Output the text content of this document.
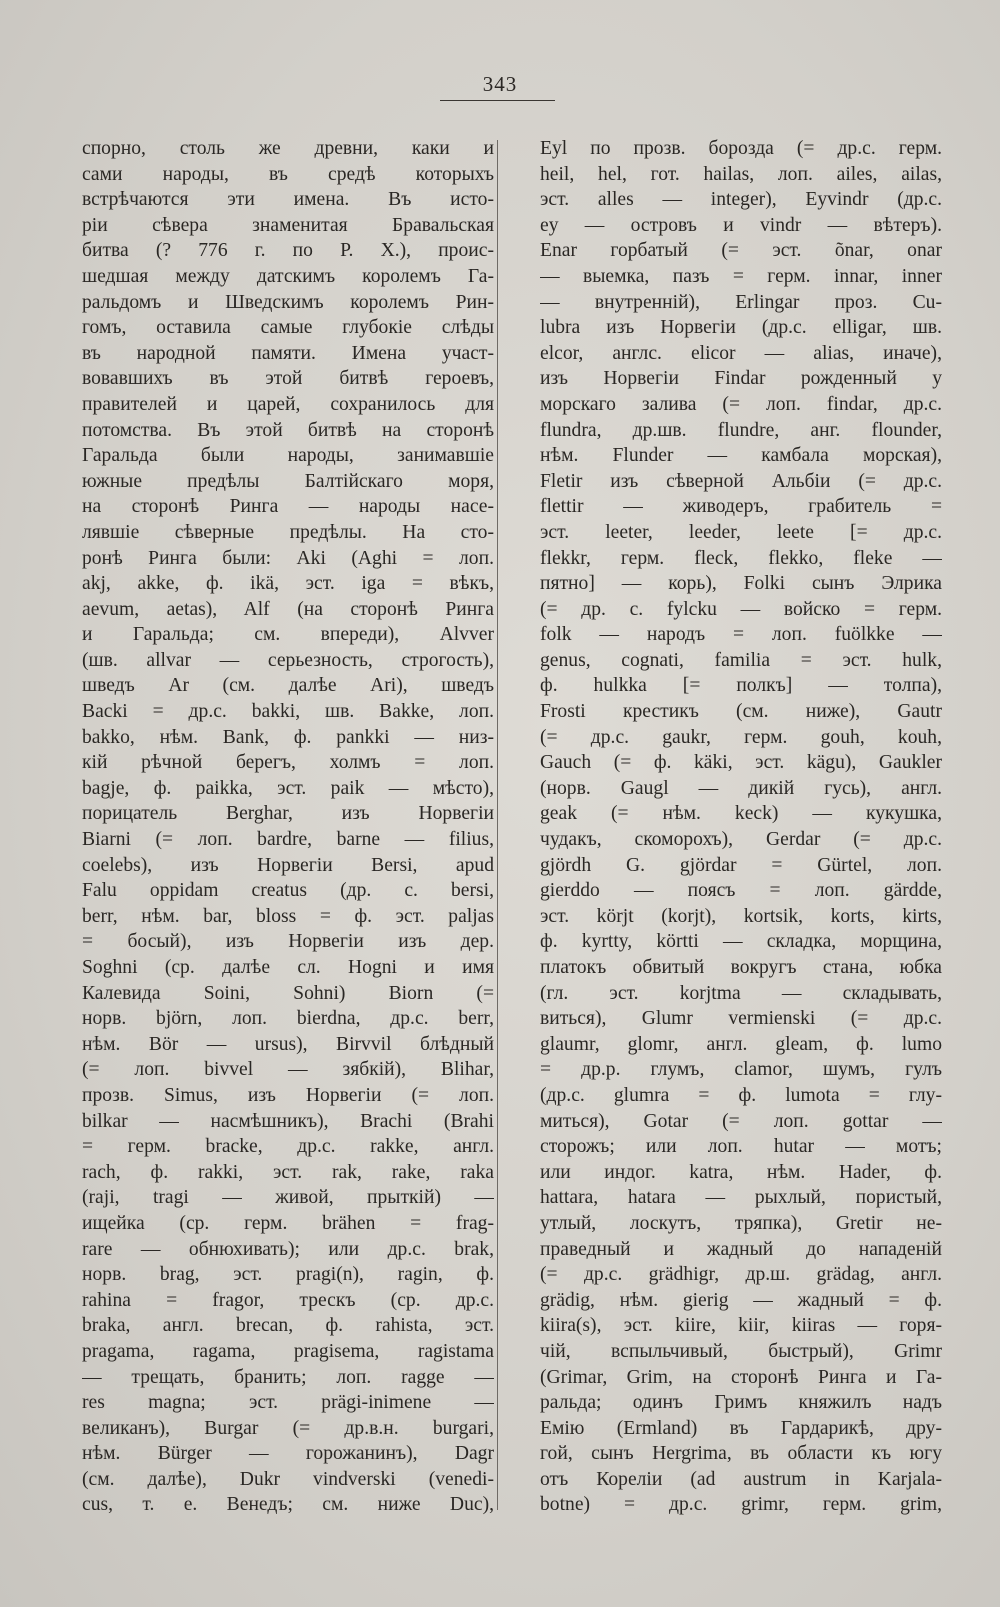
343
спорно, столь же древни, каки и
сами народы, въ средѣ которыхъ
встрѣчаются эти имена. Въ исто-
рiи сѣвера знаменитая Бравальская
битва (? 776 г. по Р. Х.), проис-
шедшая между датскимъ королемъ Га-
ральдомъ и Шведскимъ королемъ Рин-
гомъ, оставила самые глубокiе слѣды
въ народной памяти. Имена участ-
вовавшихъ въ этой битвѣ героевъ,
правителей и царей, сохранилось для
потомства. Въ этой битвѣ на сторонѣ
Гаральда были народы, занимавшiе
южные предѣлы Балтiйскаго моря,
на сторонѣ Ринга — народы насе-
лявшiе сѣверные предѣлы. На сто-
ронѣ Ринга были: Aki (Aghi = лоп.
akj, akke, ф. ikä, эст. iga = вѣкъ,
aevum, aetas), Alf (на сторонѣ Ринга
и Гаральда; см. впереди), Alvver
(шв. allvar — серьезность, строгость),
шведъ Ar (см. далѣе Ari), шведъ
Backi = др.с. bakki, шв. Bakke, лоп.
bakko, нѣм. Bank, ф. pankki — низ-
кiй рѣчной берегъ, холмъ = лоп.
bagje, ф. paikka, эст. paik — мѣсто),
порицатель Berghar, изъ Норвегiи
Biarni (= лоп. bardre, barne — filius,
coelebs), изъ Норвегiи Bersi, apud
Falu oppidam creatus (др. с. bersi,
berr, нѣм. bar, bloss = ф. эст. paljas
= босый), изъ Норвегiи изъ дер.
Soghni (ср. далѣе сл. Hogni и имя
Калевида Soini, Sohni) Biorn (=
норв. björn, лоп. bierdna, др.с. berr,
нѣм. Bör — ursus), Birvvil блѣдный
(= лоп. bivvel — зябкiй), Blihar,
прозв. Simus, изъ Норвегiи (= лоп.
bilkar — насмѣшникъ), Brachi (Brahi
= герм. bracke, др.с. rakke, англ.
rach, ф. rakki, эст. rak, rake, raka
(raji, tragi — живой, прыткiй) —
ищейка (ср. герм. brähen = frag-
rare — обнюхивать); или др.с. brak,
норв. brag, эст. pragi(n), ragin, ф.
rahina = fragor, трескъ (ср. др.с.
braka, англ. brecan, ф. rahista, эст.
pragama, ragama, pragisema, ragistama
— трещать, бранить; лоп. ragge —
res magna; эст. prägi-inimene —
великанъ), Burgar (= др.в.н. burgari,
нѣм. Bürger — горожанинъ), Dagr
(см. далѣе), Dukr vindverski (venedi-
cus, т. е. Венедъ; см. ниже Duc),
Eyl по прозв. борозда (= др.с. герм.
heil, hel, гот. hailas, лоп. ailes, ailas,
эст. alles — integer), Eyvindr (др.с.
ey — островъ и vindr — вѣтеръ).
Enar горбатый (= эст. õnar, onar
— выемка, пазъ = герм. innar, inner
— внутреннiй), Erlingar проз. Cu-
lubra изъ Норвегiи (др.с. elligar, шв.
elcor, англс. elicor — alias, иначе),
изъ Норвегiи Findar рожденный у
морскаго залива (= лоп. findar, др.с.
flundra, др.шв. flundre, анг. flounder,
нѣм. Flunder — камбала морская),
Fletir изъ сѣверной Альбiи (= др.с.
flettir — живодеръ, грабитель =
эст. leeter, leeder, leete [= др.с.
flekkr, герм. fleck, flekko, fleke —
пятно] — корь), Folki сынъ Элрика
(= др. с. fylcku — войско = герм.
folk — народъ = лоп. fuölkke —
genus, cognati, familia = эст. hulk,
ф. hulkka [= полкъ] — толпа),
Frosti крестикъ (см. ниже), Gautr
(= др.с. gaukr, герм. gouh, kouh,
Gauch (= ф. käki, эст. kägu), Gaukler
(норв. Gaugl — дикiй гусь), англ.
geak (= нѣм. keck) — кукушка,
чудакъ, скоморохъ), Gerdar (= др.с.
gjördh G. gjördar = Gürtel, лоп.
gierddo — поясъ = лоп. gärdde,
эст. körjt (korjt), kortsik, korts, kirts,
ф. kyrtty, körtti — складка, морщина,
платокъ обвитый вокругъ стана, юбка
(гл. эст. korjtma — складывать,
виться), Glumr vermienski (= др.с.
glaumr, glomr, англ. gleam, ф. lumo
= др.р. глумъ, clamor, шумъ, гулъ
(др.с. glumra = ф. lumota = глу-
миться), Gotar (= лоп. gottar —
сторожъ; или лоп. hutar — мотъ;
или индог. katra, нѣм. Hader, ф.
hattara, hatara — рыхлый, пористый,
утлый, лоскутъ, тряпка), Gretir не-
праведный и жадный до нападенiй
(= др.с. grädhigr, др.ш. grädag, англ.
grädig, нѣм. gierig — жадный = ф.
kiira(s), эст. kiire, kiir, kiiras — горя-
чiй, вспыльчивый, быстрый), Grimr
(Grimar, Grim, на сторонѣ Ринга и Га-
ральда; одинъ Гримъ княжилъ надъ
Емiю (Ermland) въ Гардарикѣ, дру-
гой, сынъ Hergrima, въ области къ югу
отъ Корелiи (ad austrum in Karjala-
botne) = др.с. grimr, герм. grim,
